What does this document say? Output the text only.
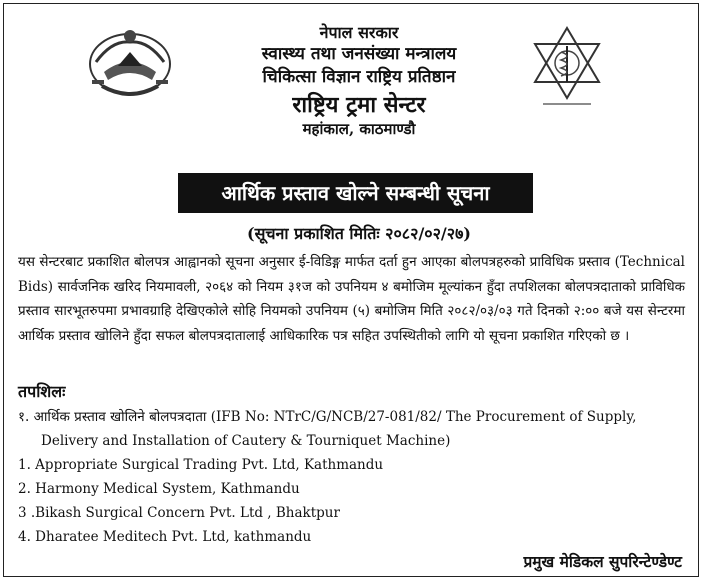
नेपाल सरकार
स्वास्थ्य तथा जनसंख्या मन्त्रालय
चिकित्सा विज्ञान राष्ट्रिय प्रतिष्ठान
राष्ट्रिय ट्रमा सेन्टर
महांकाल, काठमाण्डौ
आर्थिक प्रस्ताव खोल्ने सम्बन्धी सूचना
(सूचना प्रकाशित मितिः २०८२/०२/२७)
यस सेन्टरबाट प्रकाशित बोलपत्र आह्वानको सूचना अनुसार ई-विडिङ्ग मार्फत दर्ता हुन आएका बोलपत्रहरुको प्राविधिक प्रस्ताव (Technical Bids) सार्वजनिक खरिद नियमावली, २०६४ को नियम ३१ज को उपनियम ४ बमोजिम मूल्यांकन हुँदा तपशिलका बोलपत्रदाताको प्राविधिक प्रस्ताव सारभूतरुपमा प्रभावग्राहि देखिएकोले सोहि नियमको उपनियम (५) बमोजिम मिति २०८२/०३/०३ गते दिनको २:०० बजे यस सेन्टरमा आर्थिक प्रस्ताव खोलिने हुँदा सफल बोलपत्रदातालाई आधिकारिक पत्र सहित उपस्थितीको लागि यो सूचना प्रकाशित गरिएको छ ।
तपशिलः
१. आर्थिक प्रस्ताव खोलिने बोलपत्रदाता (IFB No: NTrC/G/NCB/27-081/82/ The Procurement of Supply,
Delivery and Installation of Cautery & Tourniquet Machine)
1. Appropriate Surgical Trading Pvt. Ltd, Kathmandu
2. Harmony Medical System, Kathmandu
3 .Bikash Surgical Concern Pvt. Ltd , Bhaktpur
4. Dharatee Meditech Pvt. Ltd, kathmandu
प्रमुख मेडिकल सुपरिन्टेण्डेण्ट
